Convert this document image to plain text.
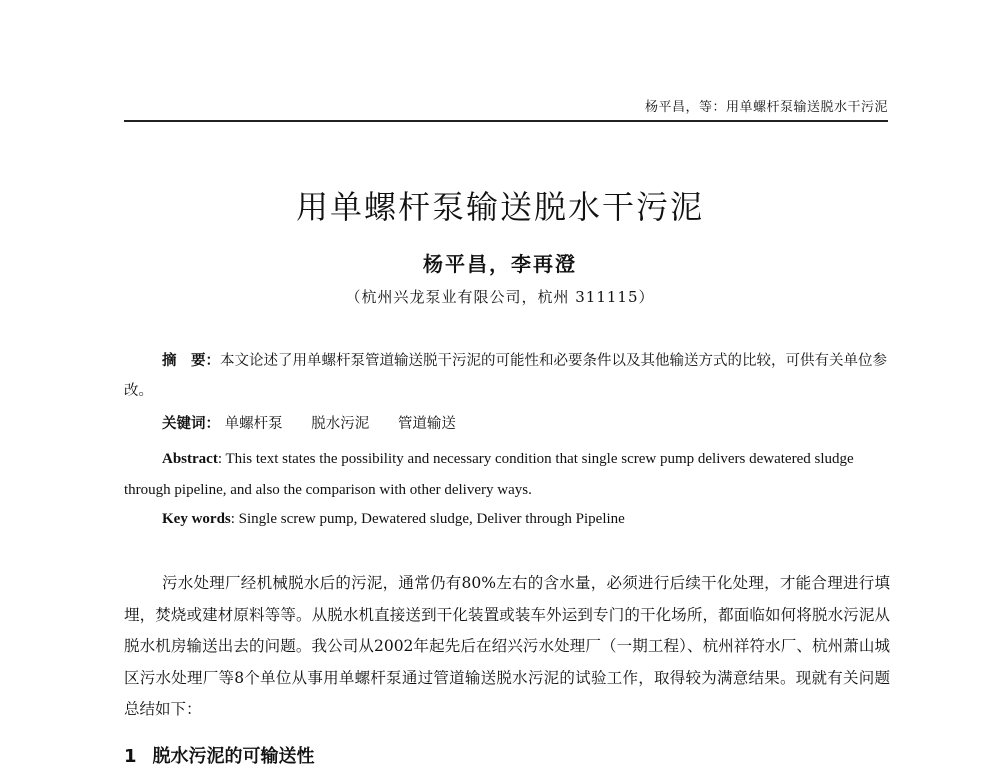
杨平昌，等：用单螺杆泵输送脱水干污泥
用单螺杆泵输送脱水干污泥
杨平昌，李再澄
（杭州兴龙泵业有限公司，杭州 311115）
摘　要：本文论述了用单螺杆泵管道输送脱干污泥的可能性和必要条件以及其他输送方式的比较，可供有关单位参改。
关键词： 单螺杆泵 脱水污泥 管道输送
Abstract: This text states the possibility and necessary condition that single screw pump delivers dewatered sludge through pipeline, and also the comparison with other delivery ways.
Key words: Single screw pump, Dewatered sludge, Deliver through Pipeline
污水处理厂经机械脱水后的污泥，通常仍有80%左右的含水量，必须进行后续干化处理，才能合理进行填埋，焚烧或建材原料等等。从脱水机直接送到干化装置或装车外运到专门的干化场所，都面临如何将脱水污泥从脱水机房输送出去的问题。我公司从2002年起先后在绍兴污水处理厂（一期工程）、杭州祥符水厂、杭州萧山城区污水处理厂等8个单位从事用单螺杆泵通过管道输送脱水污泥的试验工作，取得较为满意结果。现就有关问题总结如下：
1 脱水污泥的可输送性
